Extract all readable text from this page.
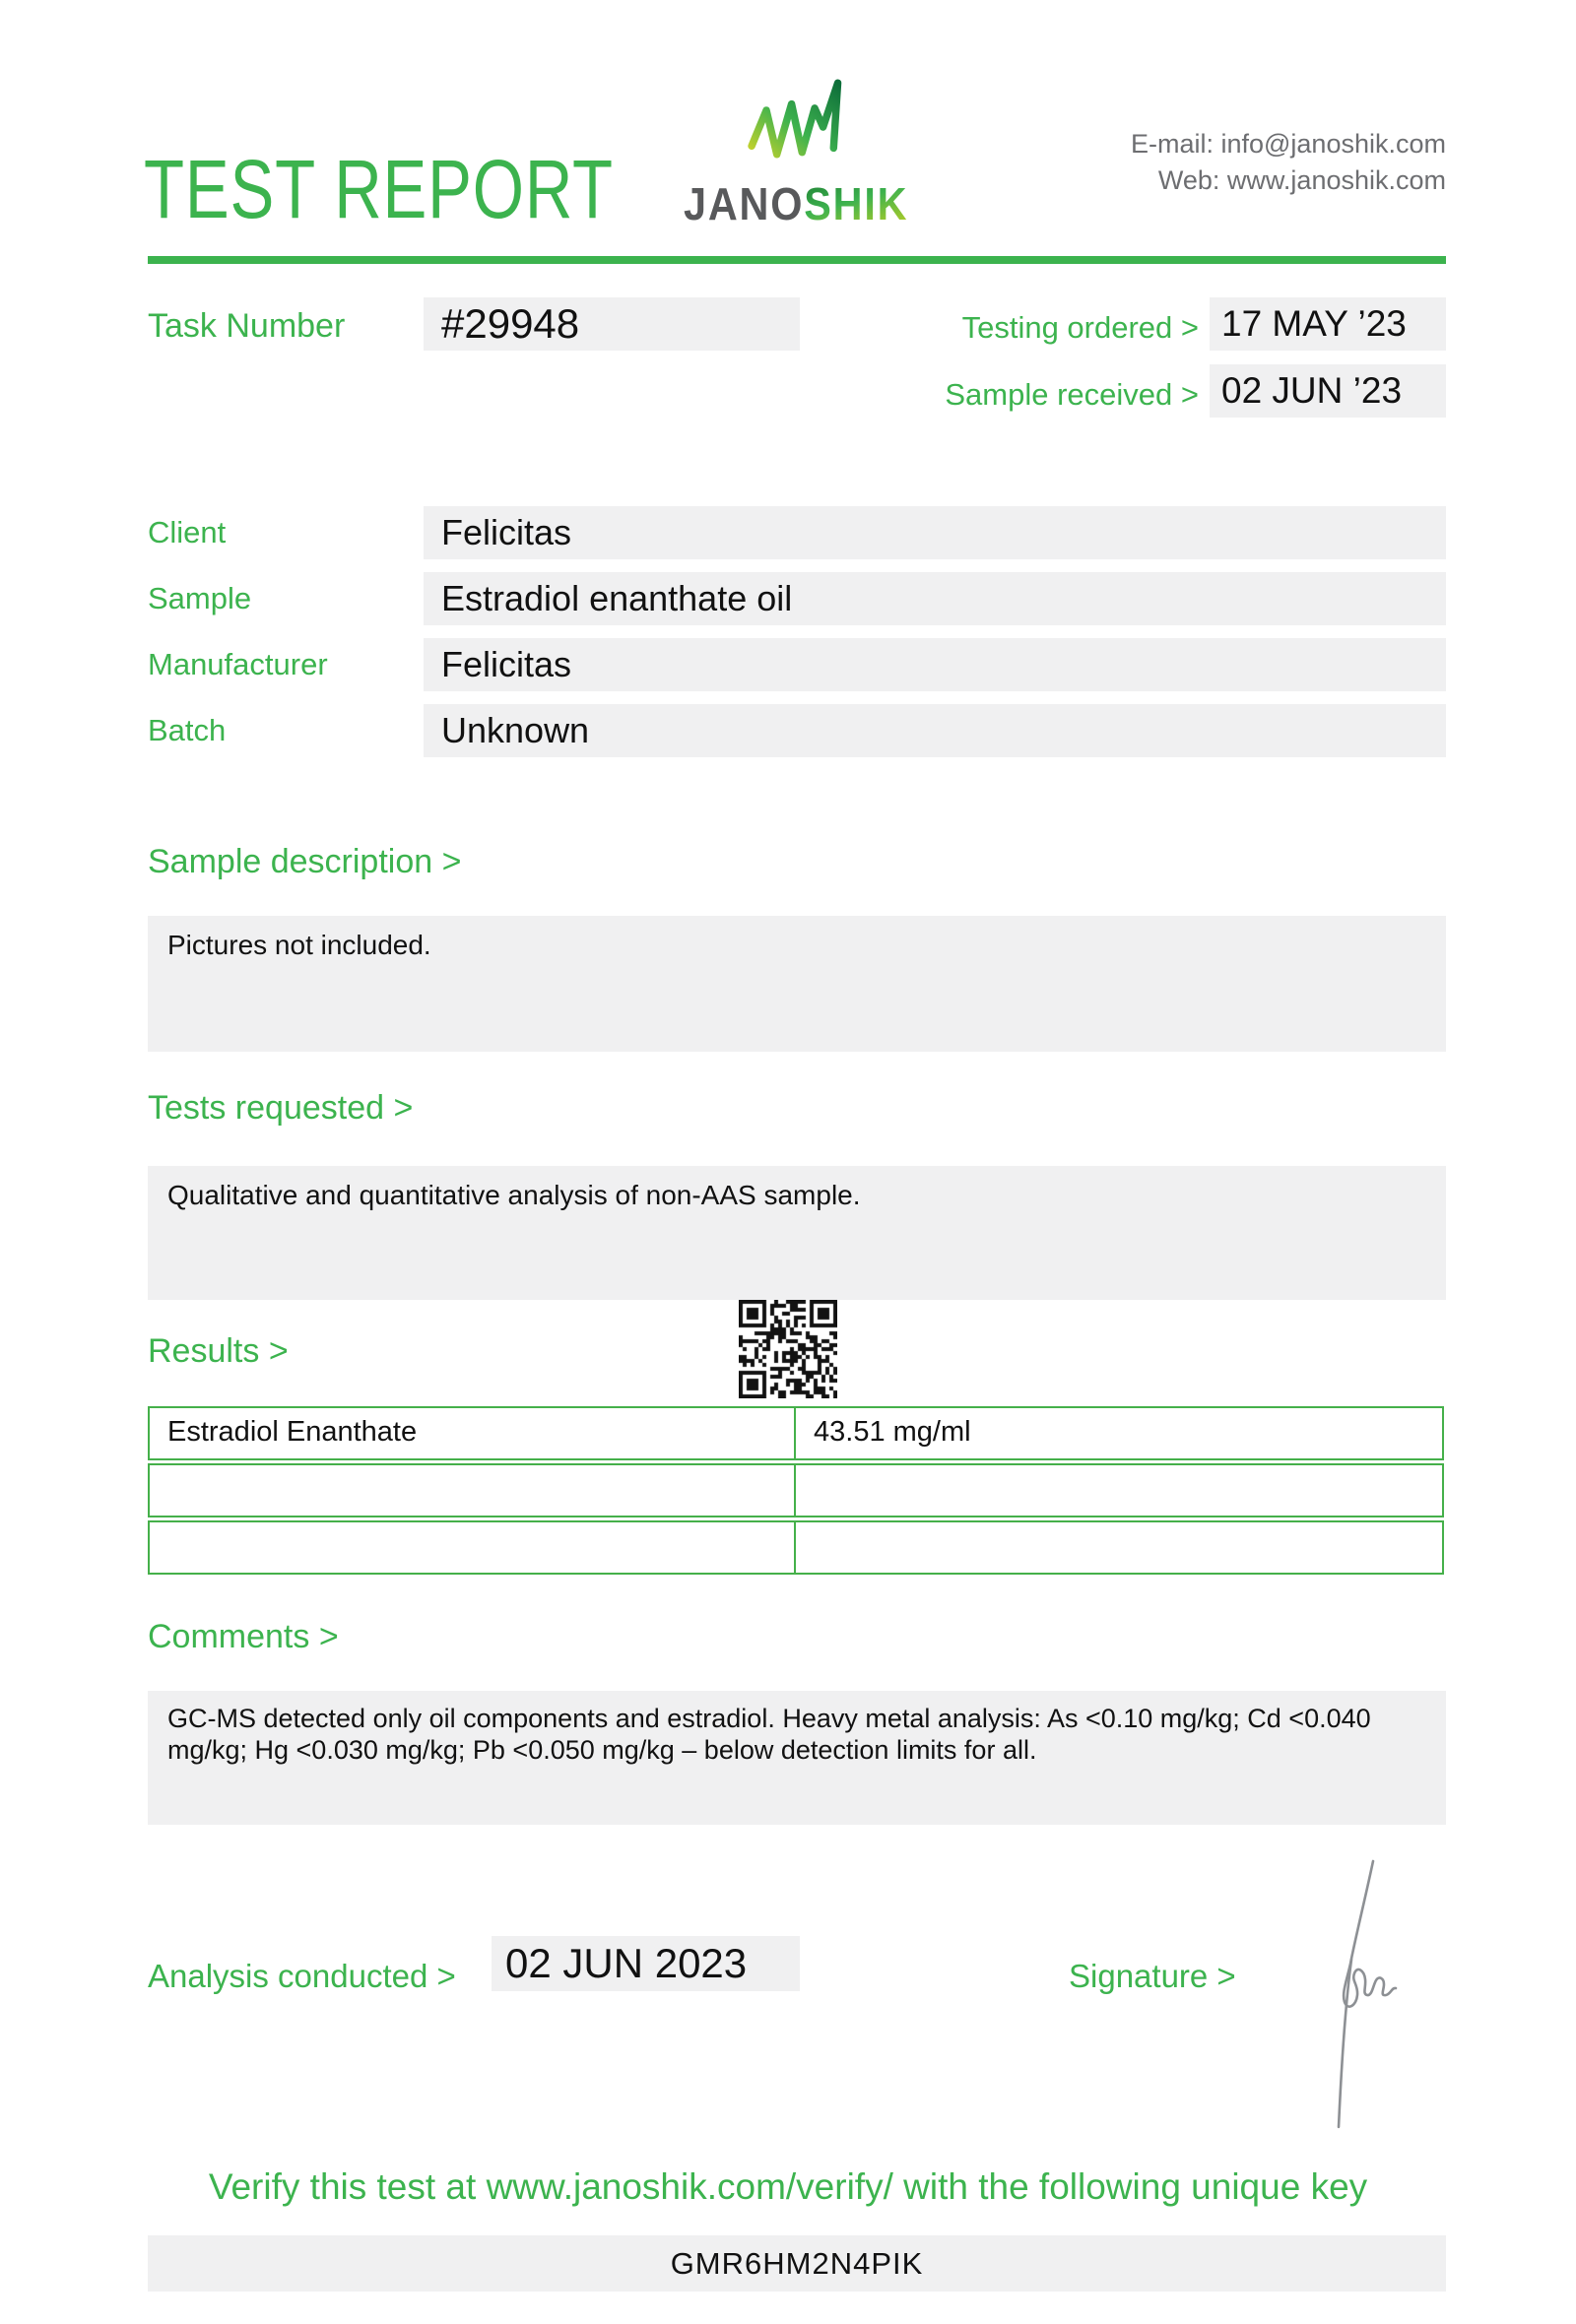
TEST REPORT JANOSHIK
E-mail: info@janoshik.com
Web: www.janoshik.com
Task Number	#29948	Testing ordered > 17 MAY ’23
Sample received > 02 JUN ’23
Client	Felicitas
Sample	Estradiol enanthate oil
Manufacturer	Felicitas
Batch	Unknown
Sample description >
Pictures not included.
Tests requested >
Qualitative and quantitative analysis of non-AAS sample.
Results >
Estradiol Enanthate	43.51 mg/ml
Comments >
GC-MS detected only oil components and estradiol. Heavy metal analysis: As <0.10 mg/kg; Cd <0.040 mg/kg; Hg <0.030 mg/kg; Pb <0.050 mg/kg – below detection limits for all.
Analysis conducted >	02 JUN 2023	Signature >
Verify this test at www.janoshik.com/verify/ with the following unique key
GMR6HM2N4PIK
